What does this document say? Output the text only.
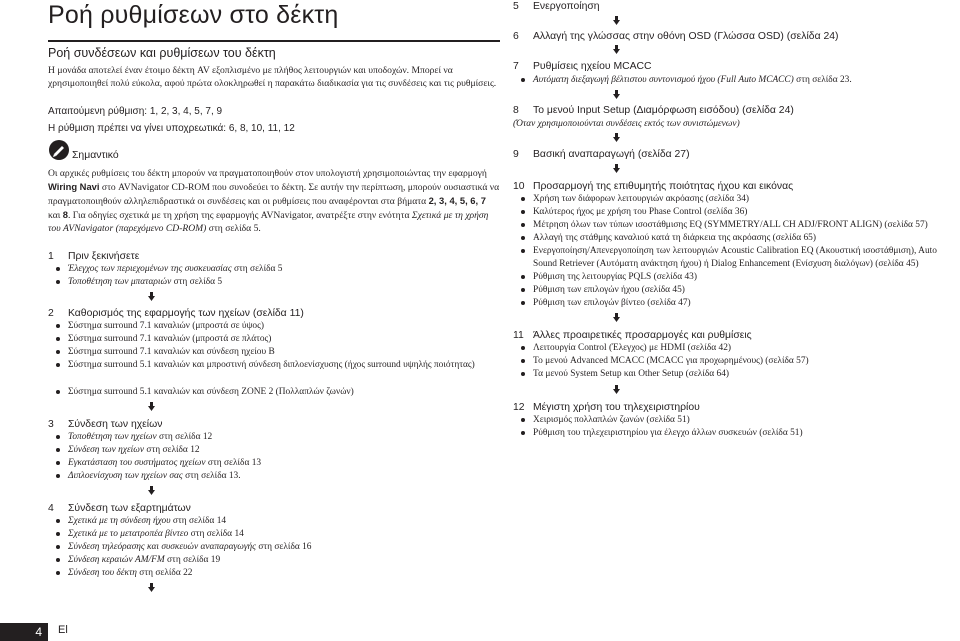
Ροή ρυθμίσεων στο δέκτη
Ροή συνδέσεων και ρυθμίσεων του δέκτη
Η μονάδα αποτελεί έναν έτοιμο δέκτη AV εξοπλισμένο με πλήθος λειτουργιών και υποδοχών. Μπορεί να χρησιμοποιηθεί πολύ εύκολα, αφού πρώτα ολοκληρωθεί η παρακάτω διαδικασία για τις συνδέσεις και τις ρυθμίσεις.
Απαιτούμενη ρύθμιση: 1, 2, 3, 4, 5, 7, 9
Η ρύθμιση πρέπει να γίνει υποχρεωτικά: 6, 8, 10, 11, 12
Σημαντικό
Οι αρχικές ρυθμίσεις του δέκτη μπορούν να πραγματοποιηθούν στον υπολογιστή χρησιμοποιώντας την εφαρμογή Wiring Navi στο AVNavigator CD-ROM που συνοδεύει το δέκτη. Σε αυτήν την περίπτωση, μπορούν ουσιαστικά να πραγματοποιηθούν αλληλεπιδραστικά οι συνδέσεις και οι ρυθμίσεις που αναφέρονται στα βήματα 2, 3, 4, 5, 6, 7 και 8. Για οδηγίες σχετικά με τη χρήση της εφαρμογής AVNavigator, ανατρέξτε στην ενότητα Σχετικά με τη χρήση του AVNavigator (παρεχόμενο CD-ROM) στη σελίδα 5.
1 Πριν ξεκινήσετε
Έλεγχος των περιεχομένων της συσκευασίας στη σελίδα 5
Τοποθέτηση των μπαταριών στη σελίδα 5
2 Καθορισμός της εφαρμογής των ηχείων (σελίδα 11)
Σύστημα surround 7.1 καναλιών (μπροστά σε ύψος)
Σύστημα surround 7.1 καναλιών (μπροστά σε πλάτος)
Σύστημα surround 7.1 καναλιών και σύνδεση ηχείου B
Σύστημα surround 5.1 καναλιών και μπροστινή σύνδεση διπλοενίσχυσης (ήχος surround υψηλής ποιότητας)
Σύστημα surround 5.1 καναλιών και σύνδεση ZONE 2 (Πολλαπλών ζωνών)
3 Σύνδεση των ηχείων
Τοποθέτηση των ηχείων στη σελίδα 12
Σύνδεση των ηχείων στη σελίδα 12
Εγκατάσταση του συστήματος ηχείων στη σελίδα 13
Διπλοενίσχυση των ηχείων σας στη σελίδα 13.
4 Σύνδεση των εξαρτημάτων
Σχετικά με τη σύνδεση ήχου στη σελίδα 14
Σχετικά με το μετατροπέα βίντεο στη σελίδα 14
Σύνδεση τηλεόρασης και συσκευών αναπαραγωγής στη σελίδα 16
Σύνδεση κεραιών AM/FM στη σελίδα 19
Σύνδεση του δέκτη στη σελίδα 22
5 Ενεργοποίηση
6 Αλλαγή της γλώσσας στην οθόνη OSD (Γλώσσα OSD) (σελίδα 24)
7 Ρυθμίσεις ηχείου MCACC
Αυτόματη διεξαγωγή βέλτιστου συντονισμού ήχου (Full Auto MCACC) στη σελίδα 23.
8 Το μενού Input Setup (Διαμόρφωση εισόδου) (σελίδα 24)
(Όταν χρησιμοποιούνται συνδέσεις εκτός των συνιστώμενων)
9 Βασική αναπαραγωγή (σελίδα 27)
10 Προσαρμογή της επιθυμητής ποιότητας ήχου και εικόνας
Χρήση των διάφορων λειτουργιών ακρόασης (σελίδα 34)
Καλύτερος ήχος με χρήση του Phase Control (σελίδα 36)
Μέτρηση όλων των τύπων ισοστάθμισης EQ (SYMMETRY/ALL CH ADJ/FRONT ALIGN) (σελίδα 57)
Αλλαγή της στάθμης καναλιού κατά τη διάρκεια της ακρόασης (σελίδα 65)
Ενεργοποίηση/Απενεργοποίηση των λειτουργιών Acoustic Calibration EQ (Ακουστική ισοστάθμιση), Auto Sound Retriever (Αυτόματη ανάκτηση ήχου) ή Dialog Enhancement (Ενίσχυση διαλόγων) (σελίδα 45)
Ρύθμιση της λειτουργίας PQLS (σελίδα 43)
Ρύθμιση των επιλογών ήχου (σελίδα 45)
Ρύθμιση των επιλογών βίντεο (σελίδα 47)
11 Άλλες προαιρετικές προσαρμογές και ρυθμίσεις
Λειτουργία Control (Έλεγχος) με HDMI (σελίδα 42)
Το μενού Advanced MCACC (MCACC για προχωρημένους) (σελίδα 57)
Τα μενού System Setup και Other Setup (σελίδα 64)
12 Μέγιστη χρήση του τηλεχειριστηρίου
Χειρισμός πολλαπλών ζωνών (σελίδα 51)
Ρύθμιση του τηλεχειριστηρίου για έλεγχο άλλων συσκευών (σελίδα 51)
4	El
